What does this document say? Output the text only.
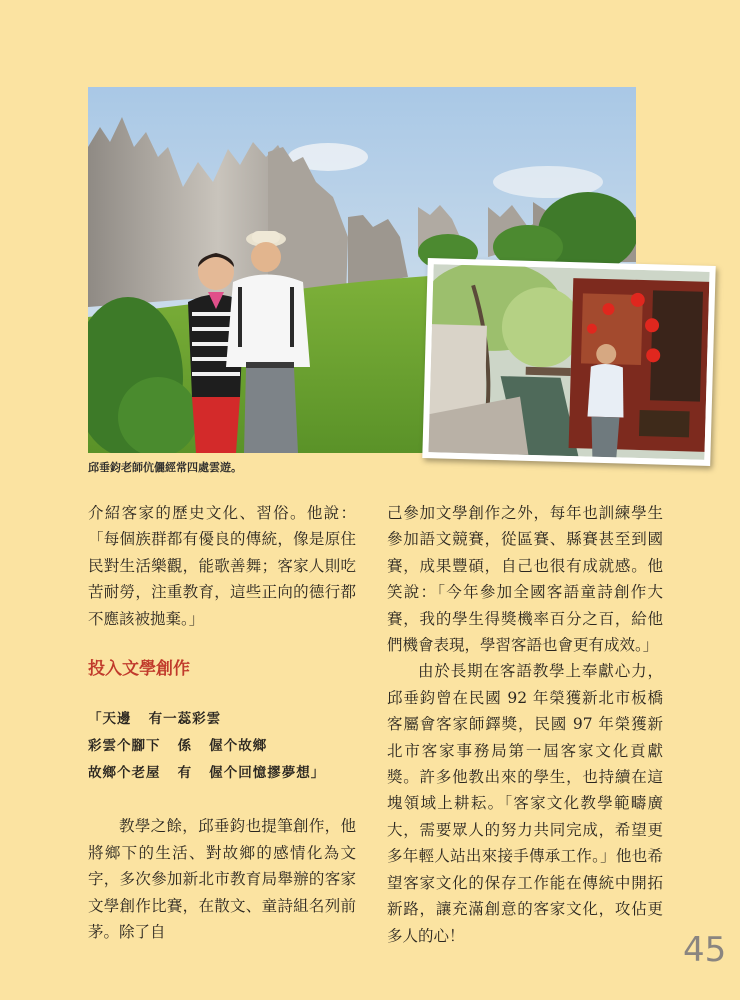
邱垂鈞老師伉儷經常四處雲遊。

介紹客家的歷史文化、習俗。他說：「每個族群都有優良的傳統，像是原住民對生活樂觀，能歌善舞；客家人則吃苦耐勞，注重教育，這些正向的德行都不應該被拋棄。」

投入文學創作

「天邊   有一蕊彩雲

彩雲个腳下   係   偓个故鄉

故鄉个老屋   有   偓个回憶摎夢想」

教學之餘，邱垂鈞也提筆創作，他將鄉下的生活、對故鄉的感情化為文字，多次參加新北市教育局舉辦的客家文學創作比賽，在散文、童詩組名列前茅。除了自

己參加文學創作之外，每年也訓練學生參加語文競賽，從區賽、縣賽甚至到國賽，成果豐碩，自己也很有成就感。他笑說：「今年參加全國客語童詩創作大賽，我的學生得獎機率百分之百，給他們機會表現，學習客語也會更有成效。」

由於長期在客語教學上奉獻心力，邱垂鈞曾在民國 92 年榮獲新北市板橋客屬會客家師鐸獎，民國 97 年榮獲新北市客家事務局第一屆客家文化貢獻獎。許多他教出來的學生，也持續在這塊領域上耕耘。「客家文化教學範疇廣大，需要眾人的努力共同完成，希望更多年輕人站出來接手傳承工作。」他也希望客家文化的保存工作能在傳統中開拓新路，讓充滿創意的客家文化，攻佔更多人的心！	45
